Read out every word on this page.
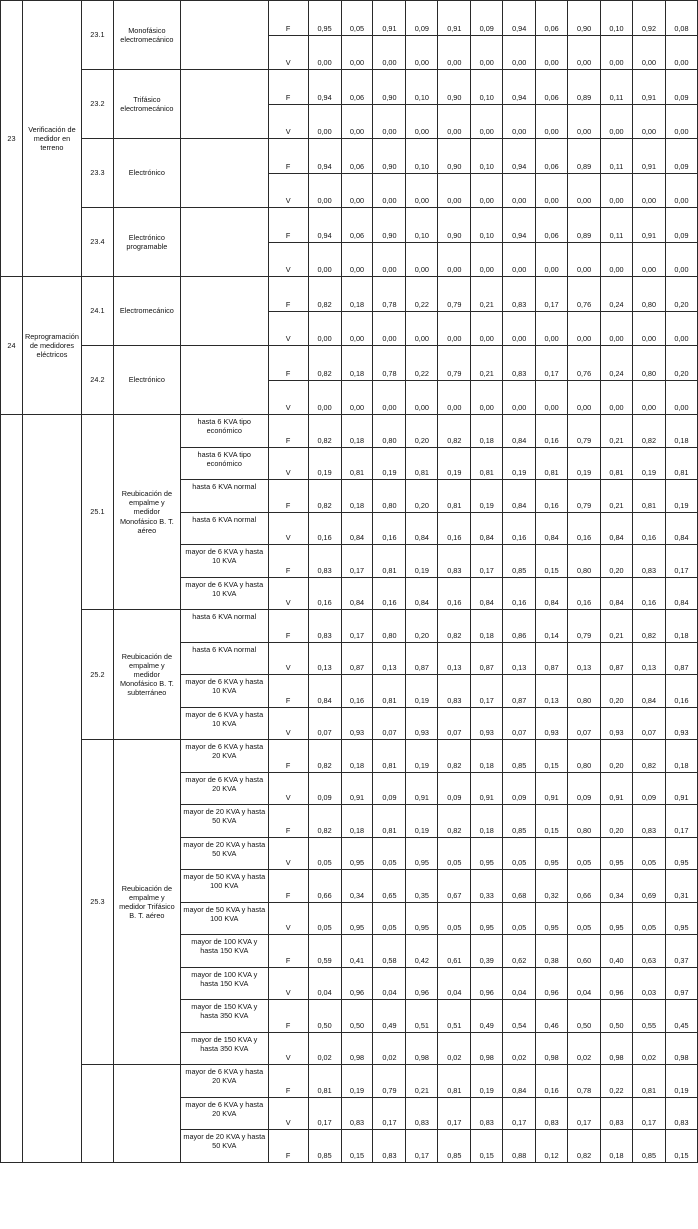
23	Verificación de medidor en terreno	23.1	Monofásico electromecánico		F	0,95	0,05	0,91	0,09	0,91	0,09	0,94	0,06	0,90	0,10	0,92	0,08
					V	0,00	0,00	0,00	0,00	0,00	0,00	0,00	0,00	0,00	0,00	0,00	0,00
		23.2	Trifásico electromecánico		F	0,94	0,06	0,90	0,10	0,90	0,10	0,94	0,06	0,89	0,11	0,91	0,09
					V	0,00	0,00	0,00	0,00	0,00	0,00	0,00	0,00	0,00	0,00	0,00	0,00
		23.3	Electrónico		F	0,94	0,06	0,90	0,10	0,90	0,10	0,94	0,06	0,89	0,11	0,91	0,09
					V	0,00	0,00	0,00	0,00	0,00	0,00	0,00	0,00	0,00	0,00	0,00	0,00
		23.4	Electrónico programable		F	0,94	0,06	0,90	0,10	0,90	0,10	0,94	0,06	0,89	0,11	0,91	0,09
					V	0,00	0,00	0,00	0,00	0,00	0,00	0,00	0,00	0,00	0,00	0,00	0,00
24	Reprogramación de medidores eléctricos	24.1	Electromecánico		F	0,82	0,18	0,78	0,22	0,79	0,21	0,83	0,17	0,76	0,24	0,80	0,20
					V	0,00	0,00	0,00	0,00	0,00	0,00	0,00	0,00	0,00	0,00	0,00	0,00
		24.2	Electrónico		F	0,82	0,18	0,78	0,22	0,79	0,21	0,83	0,17	0,76	0,24	0,80	0,20
					V	0,00	0,00	0,00	0,00	0,00	0,00	0,00	0,00	0,00	0,00	0,00	0,00
		25.1	Reubicación de empalme y medidor Monofásico B. T. aéreo	hasta 6 KVA tipo económico	F	0,82	0,18	0,80	0,20	0,82	0,18	0,84	0,16	0,79	0,21	0,82	0,18
				hasta 6 KVA tipo económico	V	0,19	0,81	0,19	0,81	0,19	0,81	0,19	0,81	0,19	0,81	0,19	0,81
				hasta 6 KVA normal	F	0,82	0,18	0,80	0,20	0,81	0,19	0,84	0,16	0,79	0,21	0,81	0,19
				hasta 6 KVA normal	V	0,16	0,84	0,16	0,84	0,16	0,84	0,16	0,84	0,16	0,84	0,16	0,84
				mayor de 6 KVA y hasta 10 KVA	F	0,83	0,17	0,81	0,19	0,83	0,17	0,85	0,15	0,80	0,20	0,83	0,17
				mayor de 6 KVA y hasta 10 KVA	V	0,16	0,84	0,16	0,84	0,16	0,84	0,16	0,84	0,16	0,84	0,16	0,84
		25.2	Reubicación de empalme y medidor Monofásico B. T. subterráneo	hasta 6 KVA normal	F	0,83	0,17	0,80	0,20	0,82	0,18	0,86	0,14	0,79	0,21	0,82	0,18
				hasta 6 KVA normal	V	0,13	0,87	0,13	0,87	0,13	0,87	0,13	0,87	0,13	0,87	0,13	0,87
				mayor de 6 KVA y hasta 10 KVA	F	0,84	0,16	0,81	0,19	0,83	0,17	0,87	0,13	0,80	0,20	0,84	0,16
				mayor de 6 KVA y hasta 10 KVA	V	0,07	0,93	0,07	0,93	0,07	0,93	0,07	0,93	0,07	0,93	0,07	0,93
		25.3	Reubicación de empalme y medidor Trifásico B. T. aéreo	mayor de 6 KVA y hasta 20 KVA	F	0,82	0,18	0,81	0,19	0,82	0,18	0,85	0,15	0,80	0,20	0,82	0,18
				mayor de 6 KVA y hasta 20 KVA	V	0,09	0,91	0,09	0,91	0,09	0,91	0,09	0,91	0,09	0,91	0,09	0,91
				mayor de 20 KVA y hasta 50 KVA	F	0,82	0,18	0,81	0,19	0,82	0,18	0,85	0,15	0,80	0,20	0,83	0,17
				mayor de 20 KVA y hasta 50 KVA	V	0,05	0,95	0,05	0,95	0,05	0,95	0,05	0,95	0,05	0,95	0,05	0,95
				mayor de 50 KVA y hasta 100 KVA	F	0,66	0,34	0,65	0,35	0,67	0,33	0,68	0,32	0,66	0,34	0,69	0,31
				mayor de 50 KVA y hasta 100 KVA	V	0,05	0,95	0,05	0,95	0,05	0,95	0,05	0,95	0,05	0,95	0,05	0,95
				mayor de 100 KVA y hasta 150 KVA	F	0,59	0,41	0,58	0,42	0,61	0,39	0,62	0,38	0,60	0,40	0,63	0,37
				mayor de 100 KVA y hasta 150 KVA	V	0,04	0,96	0,04	0,96	0,04	0,96	0,04	0,96	0,04	0,96	0,03	0,97
				mayor de 150 KVA y hasta 350 KVA	F	0,50	0,50	0,49	0,51	0,51	0,49	0,54	0,46	0,50	0,50	0,55	0,45
				mayor de 150 KVA y hasta 350 KVA	V	0,02	0,98	0,02	0,98	0,02	0,98	0,02	0,98	0,02	0,98	0,02	0,98
				mayor de 6 KVA y hasta 20 KVA	F	0,81	0,19	0,79	0,21	0,81	0,19	0,84	0,16	0,78	0,22	0,81	0,19
				mayor de 6 KVA y hasta 20 KVA	V	0,17	0,83	0,17	0,83	0,17	0,83	0,17	0,83	0,17	0,83	0,17	0,83
				mayor de 20 KVA y hasta 50 KVA	F	0,85	0,15	0,83	0,17	0,85	0,15	0,88	0,12	0,82	0,18	0,85	0,15
